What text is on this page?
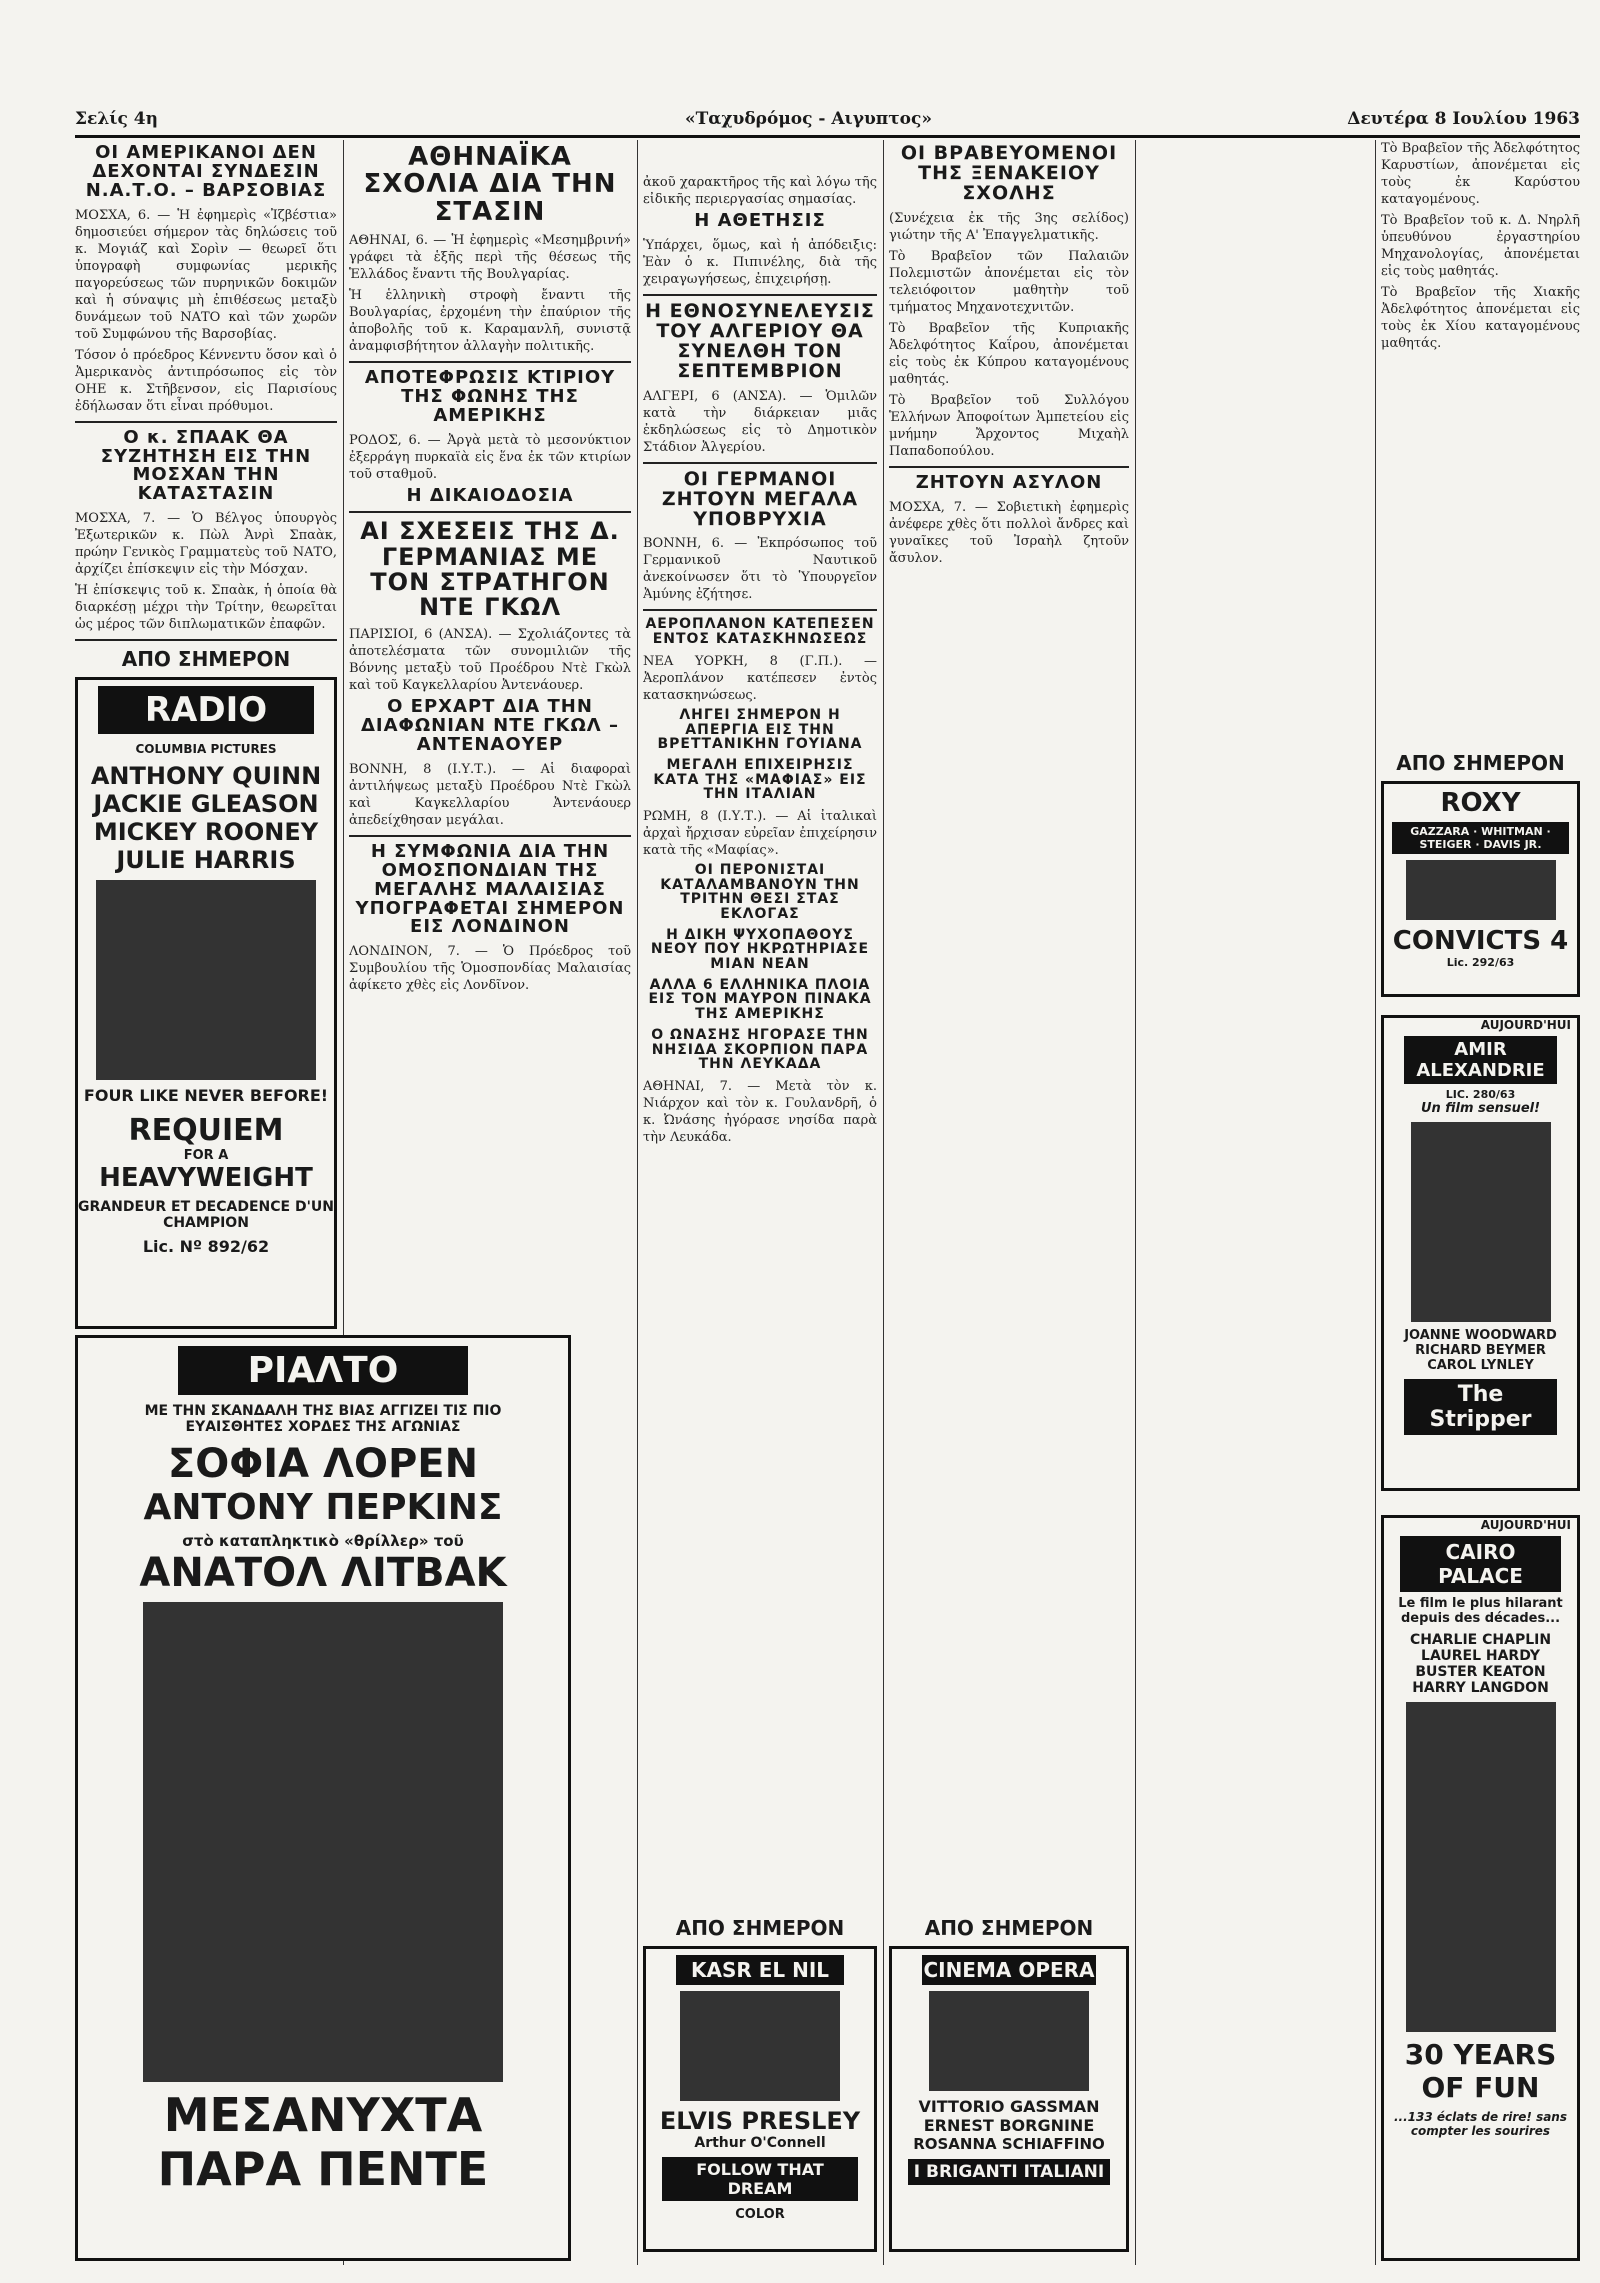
Σελίς 4η	«Ταχυδρόμος - Αιγυπτος»	Δευτέρα 8 Ιουλίου 1963
ΟΙ ΑΜΕΡΙΚΑΝΟΙ ΔΕΝ ΔΕΧΟΝΤΑΙ ΣΥΝΔΕΣΙΝ Ν.Α.Τ.Ο. – ΒΑΡΣΟΒΙΑΣ

ΜΟΣΧΑ, 6. — Ἡ ἐφημερὶς «Ἰζβέστια» δημοσιεύει σήμερον τὰς δηλώσεις τοῦ κ. Μογιάζ καὶ Σορὶν — θεωρεῖ ὅτι ὑπογραφὴ συμφωνίας μερικῆς παγορεύσεως τῶν πυρηνικῶν δοκιμῶν καὶ ἡ σύναψις μὴ ἐπιθέσεως μεταξὺ δυνάμεων τοῦ ΝΑΤΟ καὶ τῶν χωρῶν τοῦ Συμφώνου τῆς Βαρσοβίας.

Τόσον ὁ πρόεδρος Κέννεντυ ὅσον καὶ ὁ Ἀμερικανὸς ἀντιπρόσωπος εἰς τὸν ΟΗΕ κ. Στῆβενσον, εἰς Παρισίους ἐδήλωσαν ὅτι εἶναι πρόθυμοι.

Ο κ. ΣΠΑΑΚ ΘΑ ΣΥΖΗΤΗΣΗ ΕΙΣ ΤΗΝ ΜΟΣΧΑΝ ΤΗΝ ΚΑΤΑΣΤΑΣΙΝ

ΜΟΣΧΑ, 7. — Ὁ Βέλγος ὑπουργὸς Ἐξωτερικῶν κ. Πὼλ Ἀνρὶ Σπαὰκ, πρώην Γενικὸς Γραμματεὺς τοῦ ΝΑΤΟ, ἀρχίζει ἐπίσκεψιν εἰς τὴν Μόσχαν.

Ἡ ἐπίσκεψις τοῦ κ. Σπαὰκ, ἡ ὁποία θὰ διαρκέσῃ μέχρι τὴν Τρίτην, θεωρεῖται ὡς μέρος τῶν διπλωματικῶν ἐπαφῶν.

ΑΠΟ ΣΗΜΕΡΟΝ
RADIO
COLUMBIA PICTURES
ANTHONY QUINN
JACKIE GLEASON
MICKEY ROONEY
JULIE HARRIS
FOUR LIKE NEVER BEFORE!
REQUIEM
FOR A
HEAVYWEIGHT
GRANDEUR ET DECADENCE D'UN CHAMPION
Lic. Nº 892/62
ΑΘΗΝΑΪΚΑ ΣΧΟΛΙΑ ΔΙΑ ΤΗΝ ΣΤΑΣΙΝ

ΑΘΗΝΑΙ, 6. — Ἡ ἐφημερὶς «Μεσημβρινή» γράφει τὰ ἑξῆς περὶ τῆς θέσεως τῆς Ἑλλάδος ἔναντι τῆς Βουλγαρίας.

Ἡ ἑλληνικὴ στροφὴ ἔναντι τῆς Βουλγαρίας, ἐρχομένη τὴν ἐπαύριον τῆς ἀποβολῆς τοῦ κ. Καραμανλῆ, συνιστᾷ ἀναμφισβήτητον ἀλλαγὴν πολιτικῆς.

ΑΠΟΤΕΦΡΩΣΙΣ ΚΤΙΡΙΟΥ ΤΗΣ ΦΩΝΗΣ ΤΗΣ ΑΜΕΡΙΚΗΣ

ΡΟΔΟΣ, 6. — Ἀργὰ μετὰ τὸ μεσονύκτιον ἐξερράγη πυρκαϊὰ εἰς ἕνα ἐκ τῶν κτιρίων τοῦ σταθμοῦ.

Η ΔΙΚΑΙΟΔΟΣΙΑ
ΑΙ ΣΧΕΣΕΙΣ ΤΗΣ Δ. ΓΕΡΜΑΝΙΑΣ ΜΕ ΤΟΝ ΣΤΡΑΤΗΓΟΝ ΝΤΕ ΓΚΩΛ

ΠΑΡΙΣΙΟΙ, 6 (ΑΝΣΑ). — Σχολιάζοντες τὰ ἀποτελέσματα τῶν συνομιλιῶν τῆς Βόννης μεταξὺ τοῦ Προέδρου Ντὲ Γκὼλ καὶ τοῦ Καγκελλαρίου Ἀντενάουερ.

Ο ΕΡΧΑΡΤ ΔΙΑ ΤΗΝ ΔΙΑΦΩΝΙΑΝ ΝΤΕ ΓΚΩΛ – ΑΝΤΕΝΑΟΥΕΡ

ΒΟΝΝΗ, 8 (Ι.Υ.Τ.). — Αἱ διαφοραὶ ἀντιλήψεως μεταξὺ Προέδρου Ντὲ Γκὼλ καὶ Καγκελλαρίου Ἀντενάουερ ἀπεδείχθησαν μεγάλαι.

Η ΣΥΜΦΩΝΙΑ ΔΙΑ ΤΗΝ ΟΜΟΣΠΟΝΔΙΑΝ ΤΗΣ ΜΕΓΑΛΗΣ ΜΑΛΑΙΣΙΑΣ ΥΠΟΓΡΑΦΕΤΑΙ ΣΗΜΕΡΟΝ ΕΙΣ ΛΟΝΔΙΝΟΝ

ΛΟΝΔΙΝΟΝ, 7. — Ὁ Πρόεδρος τοῦ Συμβουλίου τῆς Ὁμοσπονδίας Μαλαισίας ἀφίκετο χθὲς εἰς Λονδῖνον.

ΡΙΑΛΤΟ
ΜΕ ΤΗΝ ΣΚΑΝΔΑΛΗ ΤΗΣ ΒΙΑΣ ΑΓΓΙΖΕΙ ΤΙΣ ΠΙΟ ΕΥΑΙΣΘΗΤΕΣ ΧΟΡΔΕΣ ΤΗΣ ΑΓΩΝΙΑΣ
ΣΟΦΙΑ ΛΟΡΕΝ
ANTONY ΠΕΡΚΙΝΣ
στὸ καταπληκτικὸ «θρίλλερ» τοῦ
ΑΝΑΤΟΛ ΛΙΤΒΑΚ
ΜΕΣΑΝΥΧΤΑ
ΠΑΡΑ ΠΕΝΤΕ

ἀκοῦ χαρακτῆρος τῆς καὶ λόγω τῆς εἰδικῆς περιεργασίας σημασίας.

Η ΑΘΕΤΗΣΙΣ

Ὑπάρχει, ὅμως, καὶ ἡ ἀπόδειξις: Ἐὰν ὁ κ. Πιπινέλης, διὰ τῆς χειραγωγήσεως, ἐπιχειρήσῃ.

Η ΕΘΝΟΣΥΝΕΛΕΥΣΙΣ ΤΟΥ ΑΛΓΕΡΙΟΥ ΘΑ ΣΥΝΕΛΘΗ ΤΟΝ ΣΕΠΤΕΜΒΡΙΟΝ

ΑΛΓΕΡΙ, 6 (ΑΝΣΑ). — Ὁμιλῶν κατὰ τὴν διάρκειαν μιᾶς ἐκδηλώσεως εἰς τὸ Δημοτικὸν Στάδιον Ἀλγερίου.

ΟΙ ΓΕΡΜΑΝΟΙ ΖΗΤΟΥΝ ΜΕΓΑΛΑ ΥΠΟΒΡΥΧΙΑ

ΒΟΝΝΗ, 6. — Ἐκπρόσωπος τοῦ Γερμανικοῦ Ναυτικοῦ ἀνεκοίνωσεν ὅτι τὸ Ὑπουργεῖον Ἀμύνης ἐζήτησε.

ΑΕΡΟΠΛΑΝΟΝ ΚΑΤΕΠΕΣΕΝ ΕΝΤΟΣ ΚΑΤΑΣΚΗΝΩΣΕΩΣ

ΝΕΑ ΥΟΡΚΗ, 8 (Γ.Π.). — Ἀεροπλάνον κατέπεσεν ἐντὸς κατασκηνώσεως.

ΛΗΓΕΙ ΣΗΜΕΡΟΝ Η ΑΠΕΡΓΙΑ ΕΙΣ ΤΗΝ ΒΡΕΤΤΑΝΙΚΗΝ ΓΟΥΙΑΝΑ
ΜΕΓΑΛΗ ΕΠΙΧΕΙΡΗΣΙΣ ΚΑΤΑ ΤΗΣ «ΜΑΦΙΑΣ» ΕΙΣ ΤΗΝ ΙΤΑΛΙΑΝ

ΡΩΜΗ, 8 (Ι.Υ.Τ.). — Αἱ ἰταλικαὶ ἀρχαὶ ἤρχισαν εὐρεῖαν ἐπιχείρησιν κατὰ τῆς «Μαφίας».

ΟΙ ΠΕΡΟΝΙΣΤΑΙ ΚΑΤΑΛΑΜΒΑΝΟΥΝ ΤΗΝ ΤΡΙΤΗΝ ΘΕΣΙ ΣΤΑΣ ΕΚΛΟΓΑΣ
Η ΔΙΚΗ ΨΥΧΟΠΑΘΟΥΣ ΝΕΟΥ ΠΟΥ ΗΚΡΩΤΗΡΙΑΣΕ ΜΙΑΝ ΝΕΑΝ
ΑΛΛΑ 6 ΕΛΛΗΝΙΚΑ ΠΛΟΙΑ ΕΙΣ ΤΟΝ ΜΑΥΡΟΝ ΠΙΝΑΚΑ ΤΗΣ ΑΜΕΡΙΚΗΣ
Ο ΩΝΑΣΗΣ ΗΓΟΡΑΣΕ ΤΗΝ ΝΗΣΙΔΑ ΣΚΟΡΠΙΟΝ ΠΑΡΑ ΤΗΝ ΛΕΥΚΑΔΑ

ΑΘΗΝΑΙ, 7. — Μετὰ τὸν κ. Νιάρχον καὶ τὸν κ. Γουλανδρῆ, ὁ κ. Ὠνάσης ἠγόρασε νησίδα παρὰ τὴν Λευκάδα.

ΑΠΟ ΣΗΜΕΡΟΝ
KASR EL NIL
ELVIS PRESLEY
Arthur O'Connell
FOLLOW THAT DREAM
COLOR
ΟΙ ΒΡΑΒΕΥΟΜΕΝΟΙ ΤΗΣ ΞΕΝΑΚΕΙΟΥ ΣΧΟΛΗΣ

(Συνέχεια ἐκ τῆς 3ης σελίδος) γιώτην τῆς Α' Ἐπαγγελματικῆς.

Τὸ Βραβεῖον τῶν Παλαιῶν Πολεμιστῶν ἀπονέμεται εἰς τὸν τελειόφοιτον μαθητὴν τοῦ τμήματος Μηχανοτεχνιτῶν.

Τὸ Βραβεῖον τῆς Κυπριακῆς Ἀδελφότητος Καΐρου, ἀπονέμεται εἰς τοὺς ἐκ Κύπρου καταγομένους μαθητάς.

Τὸ Βραβεῖον τοῦ Συλλόγου Ἑλλήνων Ἀποφοίτων Ἀμπετείου εἰς μνήμην Ἄρχοντος Μιχαὴλ Παπαδοπούλου.

ΖΗΤΟΥΝ ΑΣΥΛΟΝ

ΜΟΣΧΑ, 7. — Σοβιετικὴ ἐφημερὶς ἀνέφερε χθὲς ὅτι πολλοὶ ἄνδρες καὶ γυναῖκες τοῦ Ἰσραὴλ ζητοῦν ἄσυλον.

ΑΠΟ ΣΗΜΕΡΟΝ
CINEMA OPERA
VITTORIO GASSMAN
ERNEST BORGNINE
ROSANNA SCHIAFFINO
I BRIGANTI ITALIANI

Τὸ Βραβεῖον τῆς Ἀδελφότητος Καρυστίων, ἀπονέμεται εἰς τοὺς ἐκ Καρύστου καταγομένους.

Τὸ Βραβεῖον τοῦ κ. Δ. Νηρλῆ ὑπευθύνου ἐργαστηρίου Μηχανολογίας, ἀπονέμεται εἰς τοὺς μαθητάς.

Τὸ Βραβεῖον τῆς Χιακῆς Ἀδελφότητος ἀπονέμεται εἰς τοὺς ἐκ Χίου καταγομένους μαθητάς.

ΑΠΟ ΣΗΜΕΡΟΝ
ROXY
GAZZARA · WHITMAN · STEIGER · DAVIS JR.
CONVICTS 4
Lic. 292/63
AUJOURD'HUI
AMIR ALEXANDRIE
LIC. 280/63
Un film sensuel!
JOANNE WOODWARD
RICHARD BEYMER
CAROL LYNLEY
The Stripper
AUJOURD'HUI
CAIRO PALACE
Le film le plus hilarant depuis des décades...
CHARLIE CHAPLIN
LAUREL HARDY
BUSTER KEATON
HARRY LANGDON
30 YEARS OF FUN
...133 éclats de rire! sans compter les sourires
